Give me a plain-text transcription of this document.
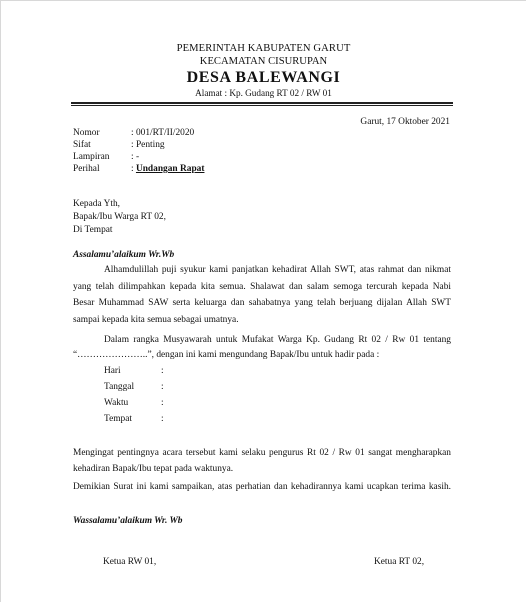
PEMERINTAH KABUPATEN GARUT
KECAMATAN CISURUPAN
DESA BALEWANGI
Alamat : Kp. Gudang RT 02 / RW 01
Garut, 17 Oktober 2021
Nomor	: 001/RT/II/2020
Sifat	: Penting
Lampiran : -
Perihal	: Undangan Rapat
Kepada Yth,
Bapak/Ibu Warga RT 02,
Di Tempat
Assalamu’alaikum Wr.Wb
Alhamdulillah puji syukur kami panjatkan kehadirat Allah SWT, atas rahmat dan nikmat
yang telah dilimpahkan kepada kita semua. Shalawat dan salam semoga tercurah kepada Nabi
Besar Muhammad SAW serta keluarga dan sahabatnya yang telah berjuang dijalan Allah SWT
sampai kepada kita semua sebagai umatnya.
Dalam rangka Musyawarah untuk Mufakat Warga Kp. Gudang Rt 02 / Rw 01 tentang
“…………………..”, dengan ini kami mengundang Bapak/Ibu untuk hadir pada :
Hari	:
Tanggal	:
Waktu	:
Tempat	:
Mengingat pentingnya acara tersebut kami selaku pengurus Rt 02 / Rw 01 sangat mengharapkan
kehadiran Bapak/Ibu tepat pada waktunya.
Demikian Surat ini kami sampaikan, atas perhatian dan kehadirannya kami ucapkan terima kasih.
Wassalamu’alaikum Wr. Wb
Ketua RW 01,	Ketua RT 02,
